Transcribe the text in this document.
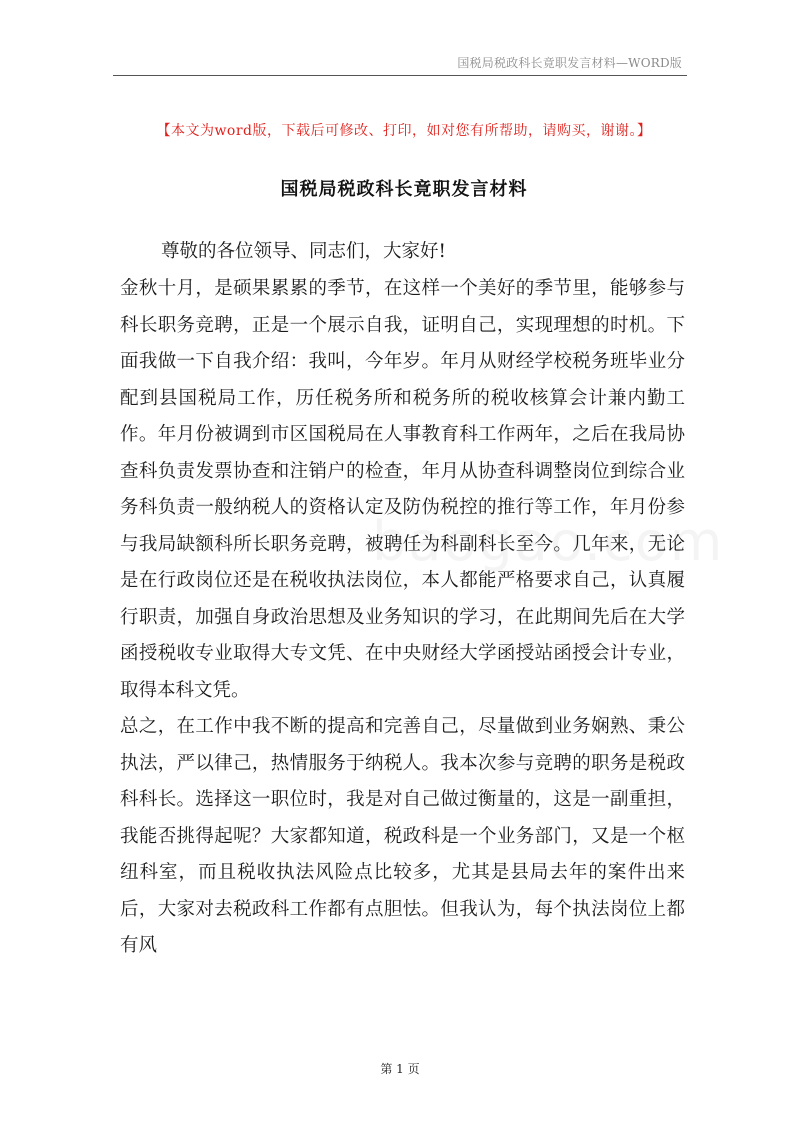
国税局税政科长竟职发言材料—WORD版
【本文为word版，下载后可修改、打印，如对您有所帮助，请购买，谢谢。】
国税局税政科长竟职发言材料

尊敬的各位领导、同志们，大家好!

金秋十月，是硕果累累的季节，在这样一个美好的季节里，能够参与科长职务竞聘，正是一个展示自我，证明自己，实现理想的时机。下面我做一下自我介绍：我叫，今年岁。年月从财经学校税务班毕业分配到县国税局工作，历任税务所和税务所的税收核算会计兼内勤工作。年月份被调到市区国税局在人事教育科工作两年，之后在我局协查科负责发票协查和注销户的检查，年月从协查科调整岗位到综合业务科负责一般纳税人的资格认定及防伪税控的推行等工作，年月份参与我局缺额科所长职务竞聘，被聘任为科副科长至今。几年来，无论是在行政岗位还是在税收执法岗位，本人都能严格要求自己，认真履行职责，加强自身政治思想及业务知识的学习，在此期间先后在大学函授税收专业取得大专文凭、在中央财经大学函授站函授会计专业，取得本科文凭。

总之，在工作中我不断的提高和完善自己，尽量做到业务娴熟、秉公执法，严以律己，热情服务于纳税人。我本次参与竞聘的职务是税政科科长。选择这一职位时，我是对自己做过衡量的，这是一副重担，我能否挑得起呢？大家都知道，税政科是一个业务部门，又是一个枢纽科室，而且税收执法风险点比较多，尤其是县局去年的案件出来后，大家对去税政科工作都有点胆怯。但我认为，每个执法岗位上都有风

第 1 页
